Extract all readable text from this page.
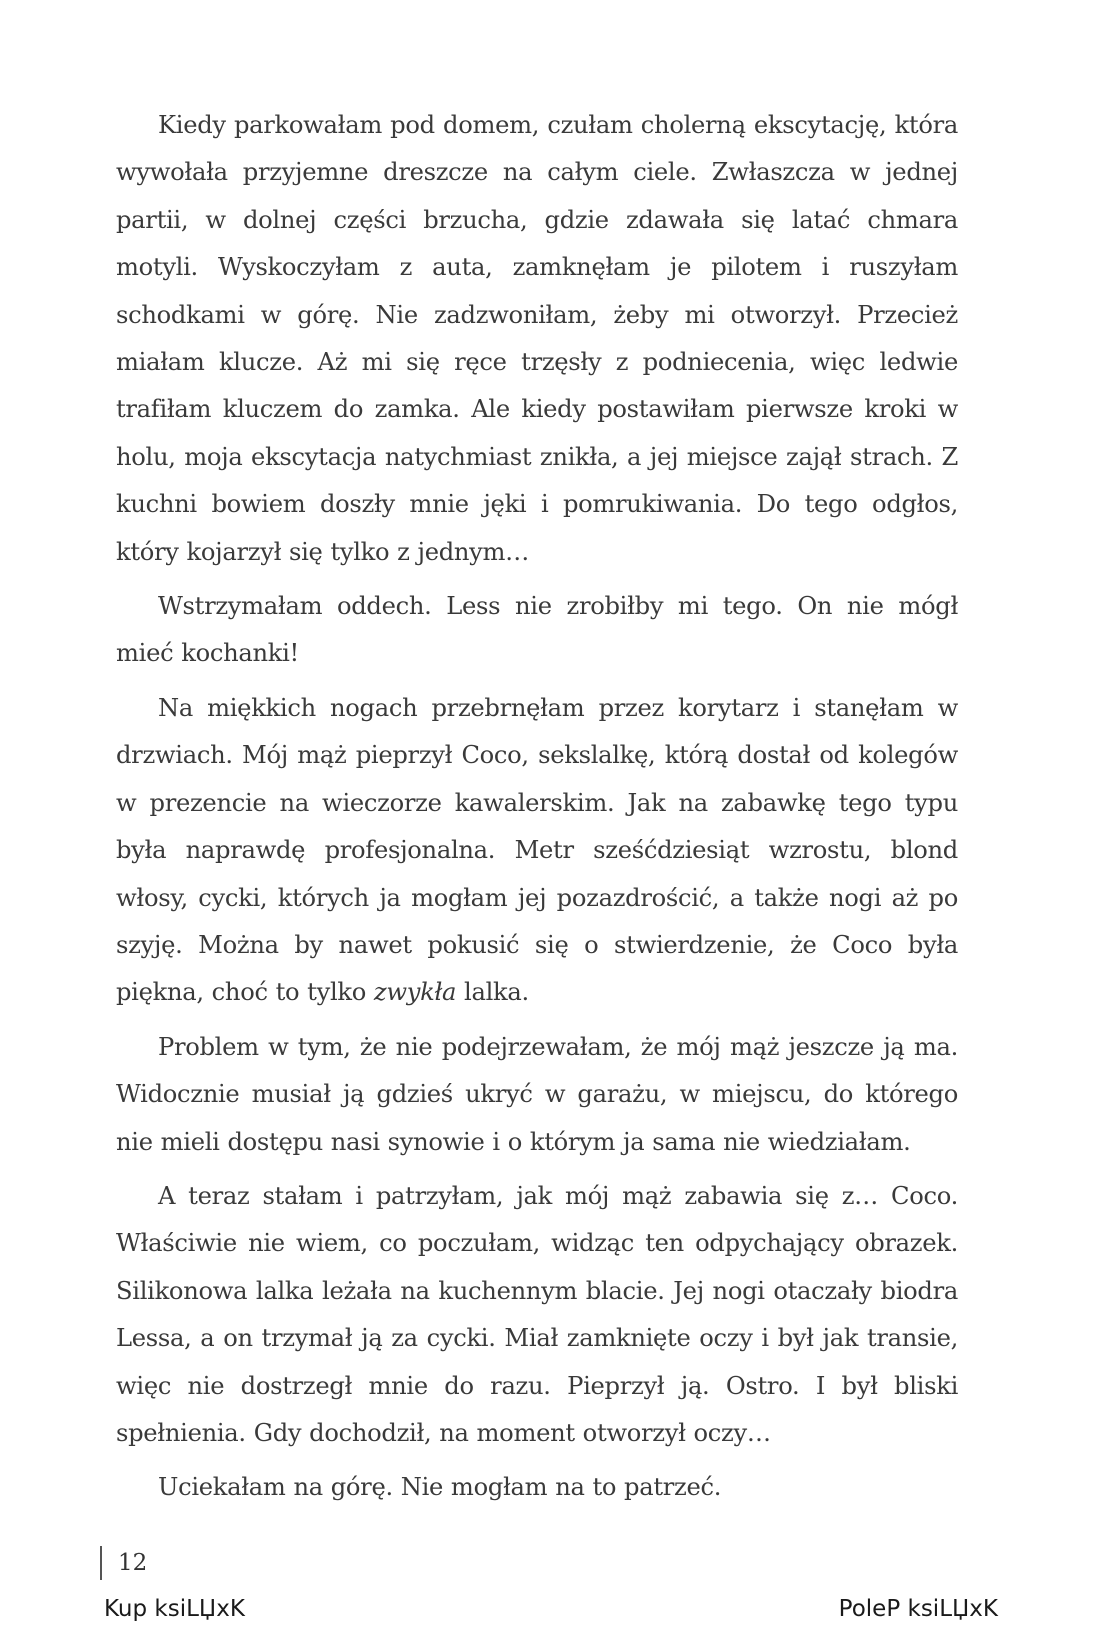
Kiedy parkowałam pod domem, czułam cholerną ekscytację, która wywołała przyjemne dreszcze na całym ciele. Zwłaszcza w jednej partii, w dolnej części brzucha, gdzie zdawała się latać chmara motyli. Wyskoczyłam z auta, zamknęłam je pilotem i ruszyłam schodkami w górę. Nie zadzwoniłam, żeby mi otworzył. Przecież miałam klucze. Aż mi się ręce trzęsły z podniecenia, więc ledwie trafiłam kluczem do zamka. Ale kiedy postawiłam pierwsze kroki w holu, moja ekscytacja natychmiast znikła, a jej miejsce zajął strach. Z kuchni bowiem doszły mnie jęki i pomrukiwania. Do tego odgłos, który kojarzył się tylko z jednym…

Wstrzymałam oddech. Less nie zrobiłby mi tego. On nie mógł mieć kochanki!

Na miękkich nogach przebrnęłam przez korytarz i stanęłam w drzwiach. Mój mąż pieprzył Coco, sekslalkę, którą dostał od kolegów w prezencie na wieczorze kawalerskim. Jak na zabawkę tego typu była naprawdę profesjonalna. Metr sześćdziesiąt wzrostu, blond włosy, cycki, których ja mogłam jej pozazdrościć, a także nogi aż po szyję. Można by nawet pokusić się o stwierdzenie, że Coco była piękna, choć to tylko zwykła lalka.

Problem w tym, że nie podejrzewałam, że mój mąż jeszcze ją ma. Widocznie musiał ją gdzieś ukryć w garażu, w miejscu, do którego nie mieli dostępu nasi synowie i o którym ja sama nie wiedziałam.

A teraz stałam i patrzyłam, jak mój mąż zabawia się z… Coco. Właściwie nie wiem, co poczułam, widząc ten odpychający obrazek. Silikonowa lalka leżała na kuchennym blacie. Jej nogi otaczały biodra Lessa, a on trzymał ją za cycki. Miał zamknięte oczy i był jak transie, więc nie dostrzegł mnie do razu. Pieprzył ją. Ostro. I był bliski spełnienia. Gdy dochodził, na moment otworzył oczy…

Uciekałam na górę. Nie mogłam na to patrzeć.

12
Kup ksiLЏxK	PoleP ksiLЏxK
